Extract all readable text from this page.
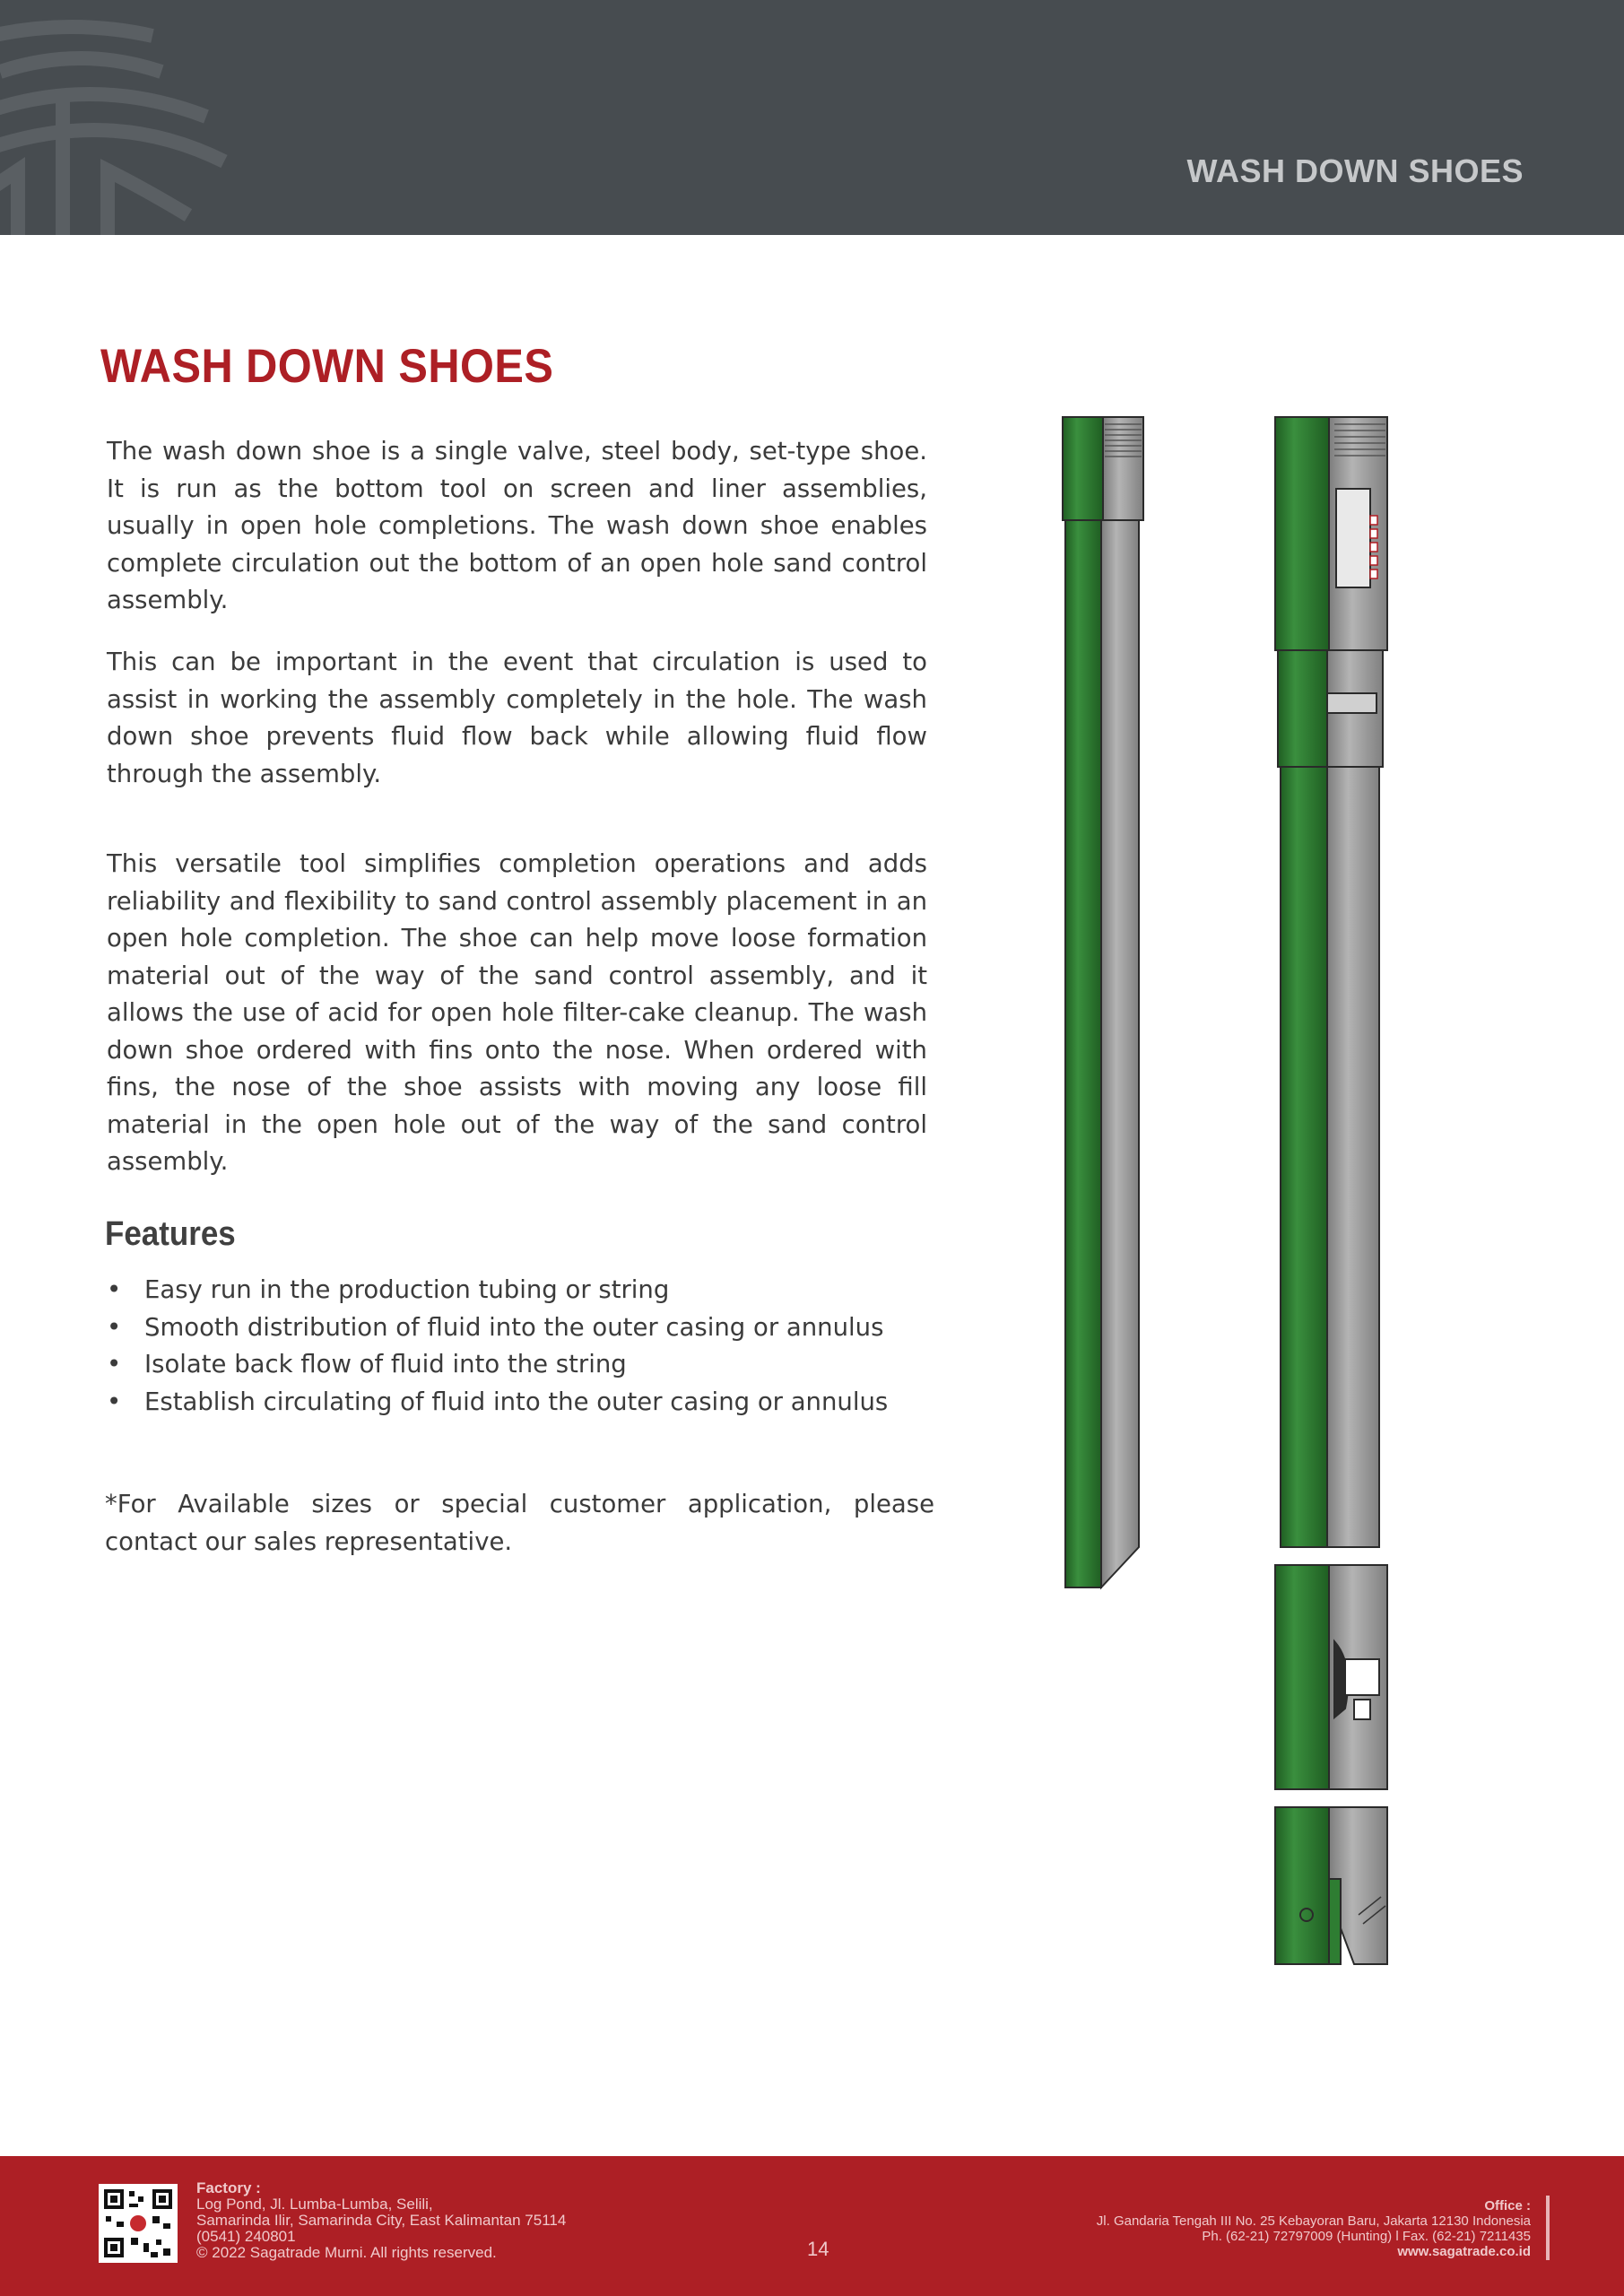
WASH DOWN SHOES
WASH DOWN SHOES

The wash down shoe is a single valve, steel body, set-type shoe. It is run as the bottom tool on screen and liner assemblies, usually in open hole completions. The wash down shoe enables complete circulation out the bottom of an open hole sand control assembly.

This can be important in the event that circulation is used to assist in working the assembly completely in the hole. The wash down shoe prevents fluid flow back while allowing fluid flow through the assembly.

This versatile tool simplifies completion operations and adds reliability and flexibility to sand control assembly placement in an open hole completion. The shoe can help move loose formation material out of the way of the sand control assembly, and it allows the use of acid for open hole filter-cake cleanup. The wash down shoe ordered with fins onto the nose. When ordered with fins, the nose of the shoe assists with moving any loose fill material in the open hole out of the way of the sand control assembly.

Features
• Easy run in the production tubing or string
• Smooth distribution of fluid into the outer casing or annulus
• Isolate back flow of fluid into the string
• Establish circulating of fluid into the outer casing or annulus

*For Available sizes or special customer application, please contact our sales representative.

Factory :
Log Pond, Jl. Lumba-Lumba, Selili,
Samarinda Ilir, Samarinda City, East Kalimantan 75114
(0541) 240801
© 2022 Sagatrade Murni. All rights reserved.	14
Office :
Jl. Gandaria Tengah III No. 25 Kebayoran Baru, Jakarta 12130 Indonesia
Ph. (62-21) 72797009 (Hunting) l Fax. (62-21) 7211435
www.sagatrade.co.id
